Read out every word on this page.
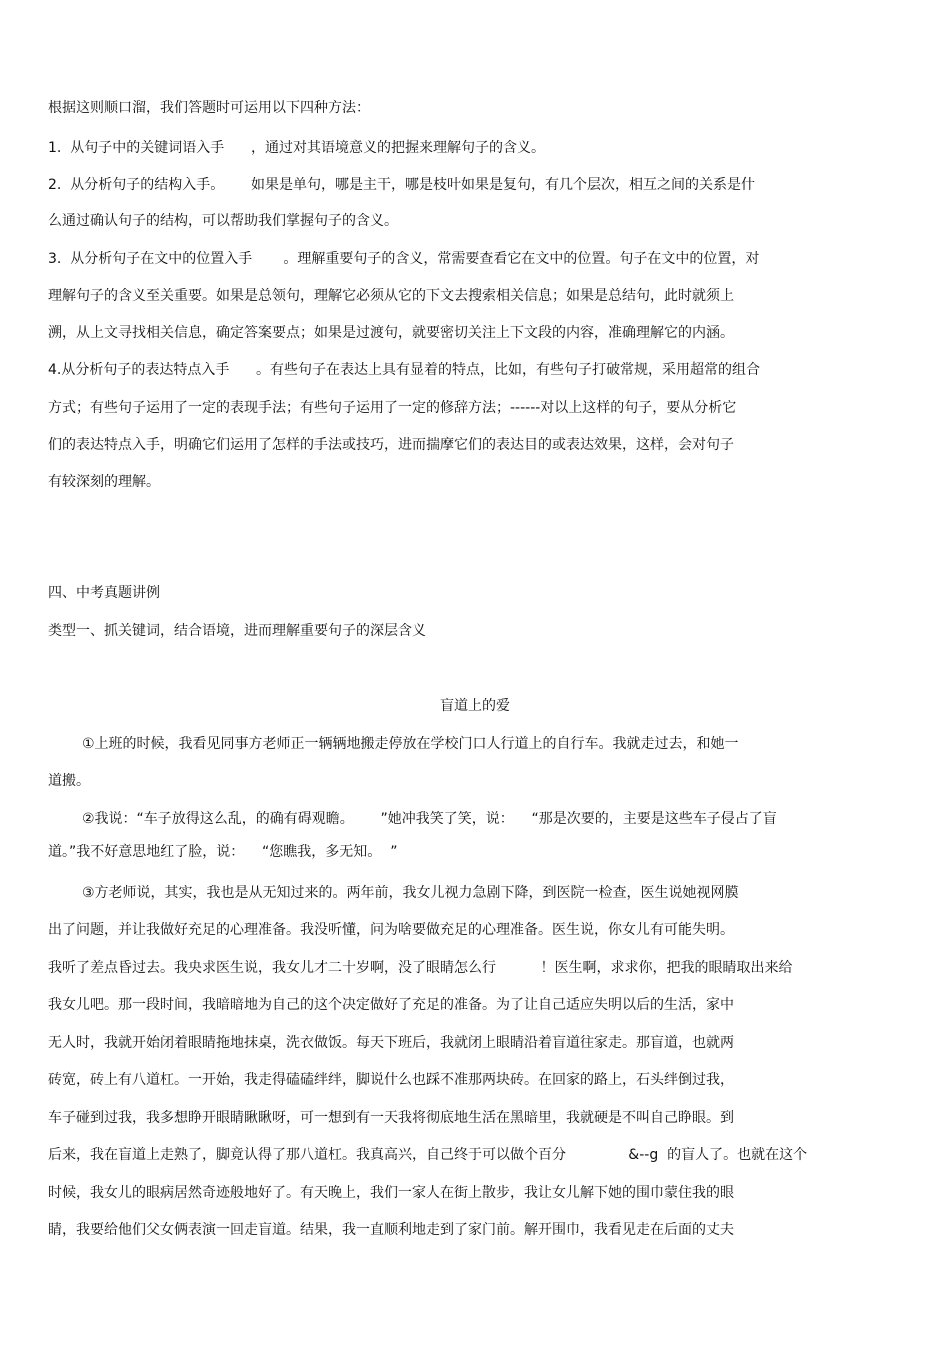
根据这则顺口溜，我们答题时可运用以下四种方法：
1.  从句子中的关键词语入手      ，通过对其语境意义的把握来理解句子的含义。
2.  从分析句子的结构入手。      如果是单句，哪是主干，哪是枝叶如果是复句，有几个层次，相互之间的关系是什
么通过确认句子的结构，可以帮助我们掌握句子的含义。
3.  从分析句子在文中的位置入手       。理解重要句子的含义，常需要查看它在文中的位置。句子在文中的位置，对
理解句子的含义至关重要。如果是总领句，理解它必须从它的下文去搜索相关信息；如果是总结句，此时就须上
溯，从上文寻找相关信息，确定答案要点；如果是过渡句，就要密切关注上下文段的内容，准确理解它的内涵。
4.从分析句子的表达特点入手      。有些句子在表达上具有显着的特点，比如，有些句子打破常规，采用超常的组合
方式；有些句子运用了一定的表现手法；有些句子运用了一定的修辞方法；------对以上这样的句子，要从分析它
们的表达特点入手，明确它们运用了怎样的手法或技巧，进而揣摩它们的表达目的或表达效果，这样，会对句子
有较深刻的理解。
四、中考真题讲例
类型一、抓关键词，结合语境，进而理解重要句子的深层含义
盲道上的爱
①上班的时候，我看见同事方老师正一辆辆地搬走停放在学校门口人行道上的自行车。我就走过去，和她一
道搬。
②我说：“车子放得这么乱，的确有碍观瞻。      ”她冲我笑了笑，说：    “那是次要的，主要是这些车子侵占了盲
道。”我不好意思地红了脸，说：    “您瞧我，多无知。  ”
③方老师说，其实，我也是从无知过来的。两年前，我女儿视力急剧下降，到医院一检查，医生说她视网膜
出了问题，并让我做好充足的心理准备。我没听懂，问为啥要做充足的心理准备。医生说，你女儿有可能失明。
我听了差点昏过去。我央求医生说，我女儿才二十岁啊，没了眼睛怎么行          ！医生啊，求求你，把我的眼睛取出来给
我女儿吧。那一段时间，我暗暗地为自己的这个决定做好了充足的准备。为了让自己适应失明以后的生活，家中
无人时，我就开始闭着眼睛拖地抹桌，洗衣做饭。每天下班后，我就闭上眼睛沿着盲道往家走。那盲道，也就两
砖宽，砖上有八道杠。一开始，我走得磕磕绊绊，脚说什么也踩不准那两块砖。在回家的路上，石头绊倒过我，
车子碰到过我，我多想睁开眼睛瞅瞅呀，可一想到有一天我将彻底地生活在黑暗里，我就硬是不叫自己睁眼。到
后来，我在盲道上走熟了，脚竟认得了那八道杠。我真高兴，自己终于可以做个百分              &--g  的盲人了。也就在这个
时候，我女儿的眼病居然奇迹般地好了。有天晚上，我们一家人在街上散步，我让女儿解下她的围巾蒙住我的眼
睛，我要给他们父女俩表演一回走盲道。结果，我一直顺利地走到了家门前。解开围巾，我看见走在后面的丈夫
